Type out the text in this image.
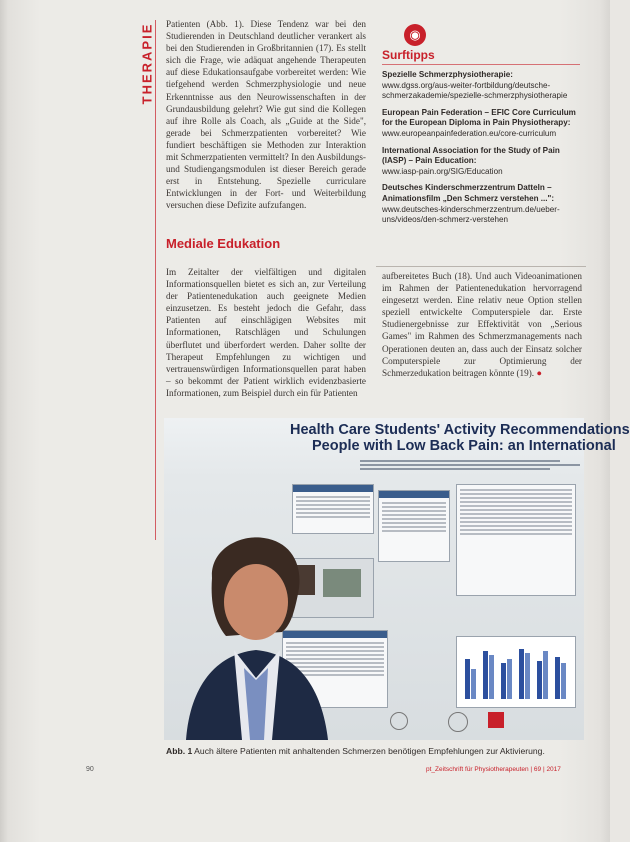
THERAPIE Patienten (Abb. 1). Diese Tendenz war bei den Studierenden in Deutschland deutlicher verankert als bei den Studierenden in Großbritannien (17). Es stellt sich die Frage, wie adäquat angehende Therapeuten auf diese Edukationsaufgabe vorbereitet werden: Wie tiefgehend werden Schmerzphysiologie und neue Erkenntnisse aus den Neurowissenschaften in der Grundausbildung gelehrt? Wie gut sind die Kollegen auf ihre Rolle als Coach, als „Guide at the Side", gerade bei Schmerzpatienten vorbereitet? Wie fundiert beschäftigen sie Methoden zur Interaktion mit Schmerzpatienten vermittelt? In den Ausbildungs- und Studiengangsmodulen ist dieser Bereich gerade erst in Entstehung. Spezielle curriculare Entwicklungen in der Fort- und Weiterbildung versuchen diese Defizite aufzufangen.
Mediale Edukation
Im Zeitalter der vielfältigen und digitalen Informationsquellen bietet es sich an, zur Verteilung der Patientenedukation auch geeignete Medien einzusetzen. Es besteht jedoch die Gefahr, dass Patienten auf einschlägigen Websites mit Informationen, Ratschlägen und Schulungen überflutet und überfordert werden. Daher sollte der Therapeut Empfehlungen zu wichtigen und vertrauenswürdigen Informationsquellen parat haben – so bekommt der Patient wirklich evidenzbasierte Informationen, zum Beispiel durch ein für Patienten
aufbereitetes Buch (18). Und auch Videoanimationen im Rahmen der Patientenedukation hervorragend eingesetzt werden. Eine relativ neue Option stellen speziell entwickelte Computerspiele dar. Erste Studienergebnisse zur Effektivität von „Serious Games" im Rahmen des Schmerzmanagements nach Operationen deuten an, dass auch der Einsatz solcher Computerspiele zur Optimierung der Schmerzedukation beitragen könnte (19). ●
◉
Surftipps
Spezielle Schmerzphysiotherapie:
www.dgss.org/aus-weiter-fortbildung/deutsche-schmerzakademie/spezielle-schmerzphysiotherapie
European Pain Federation – EFIC Core Curriculum for the European Diploma in Pain Physiotherapy:
www.europeanpainfederation.eu/core-curriculum
International Association for the Study of Pain (IASP) – Pain Education:
www.iasp-pain.org/SIG/Education
Deutsches Kinderschmerzzentrum Datteln – Animationsfilm „Den Schmerz verstehen ...":
www.deutsches-kinderschmerzzentrum.de/ueber-uns/videos/den-schmerz-verstehen
Health Care Students' Activity Recommendations
People with Low Back Pain: an International
Abb. 1 Auch ältere Patienten mit anhaltenden Schmerzen benötigen Empfehlungen zur Aktivierung.
90	pt_Zeitschrift für Physiotherapeuten | 69 | 2017
